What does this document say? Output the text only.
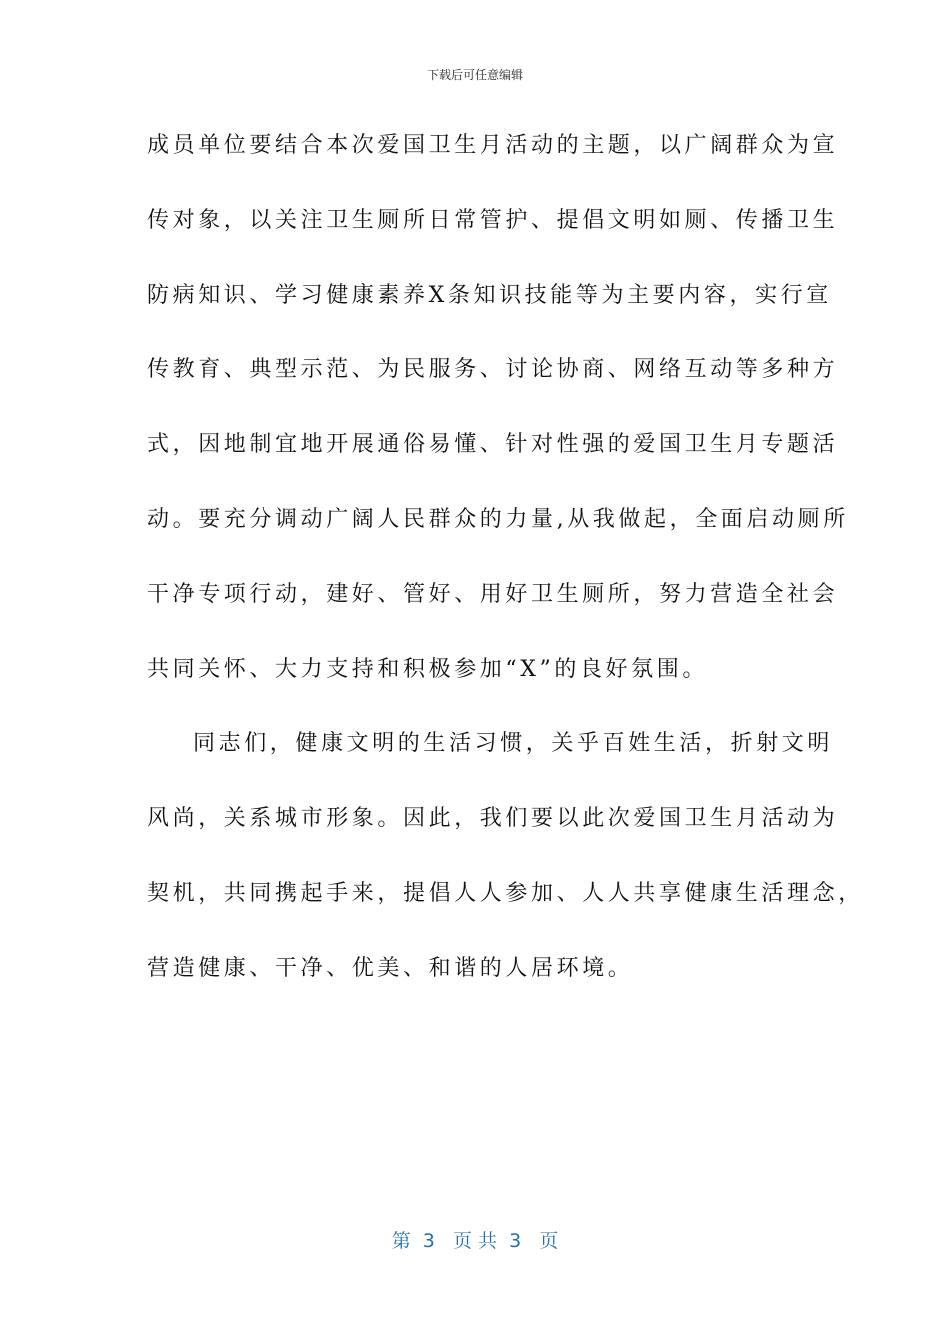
下载后可任意编辑
成员单位要结合本次爱国卫生月活动的主题，以广阔群众为宣
传对象，以关注卫生厕所日常管护、提倡文明如厕、传播卫生
防病知识、学习健康素养X条知识技能等为主要内容，实行宣
传教育、典型示范、为民服务、讨论协商、网络互动等多种方
式，因地制宜地开展通俗易懂、针对性强的爱国卫生月专题活
动。要充分调动广阔人民群众的力量,从我做起，全面启动厕所
干净专项行动，建好、管好、用好卫生厕所，努力营造全社会
共同关怀、大力支持和积极参加“X”的良好氛围。
同志们，健康文明的生活习惯，关乎百姓生活，折射文明
风尚，关系城市形象。因此，我们要以此次爱国卫生月活动为
契机，共同携起手来，提倡人人参加、人人共享健康生活理念，
营造健康、干净、优美、和谐的人居环境。
第  3   页 共  3   页
